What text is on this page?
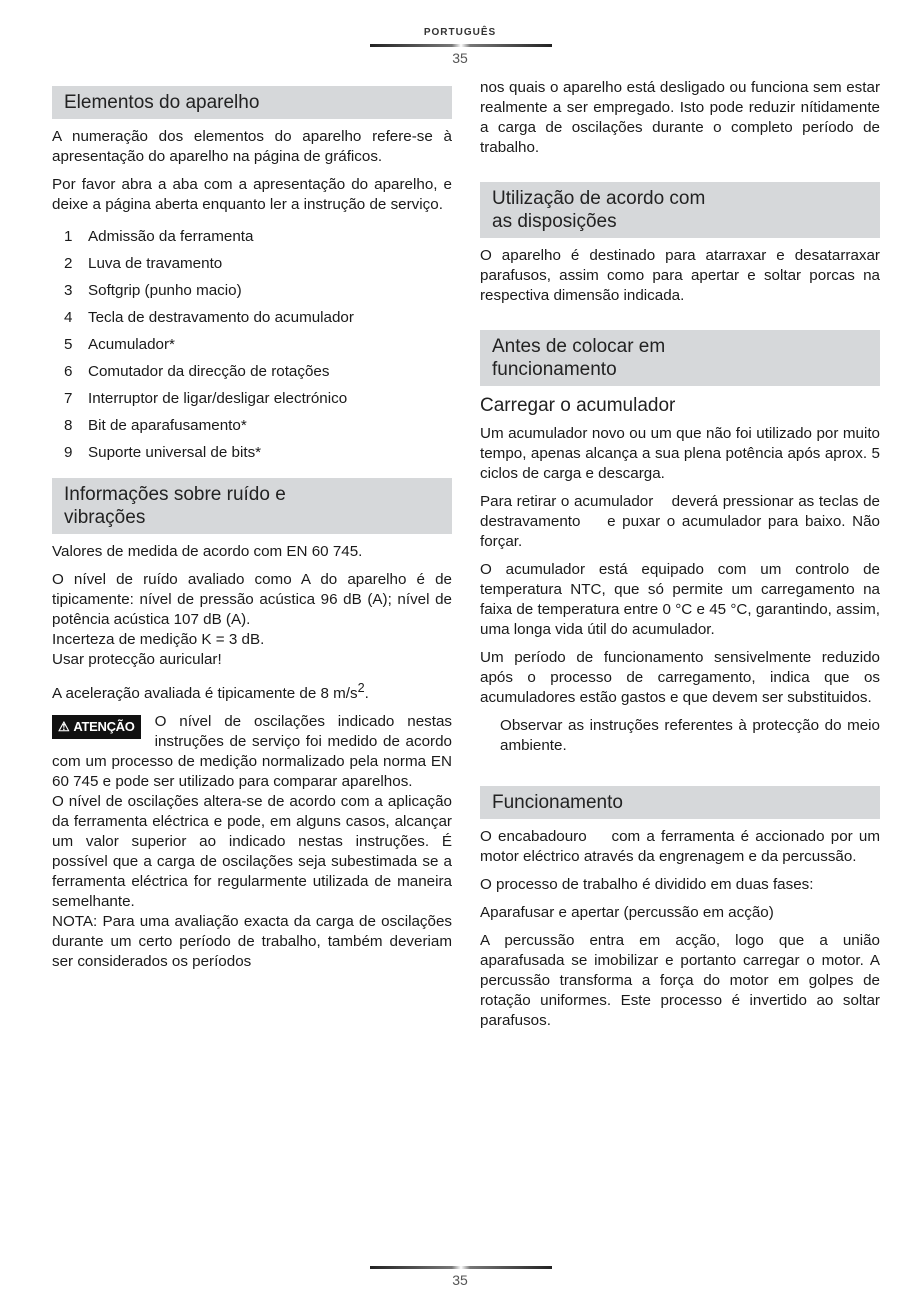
PORTUGUÊS
35
Elementos do aparelho

A numeração dos elementos do aparelho refere-se à apresentação do aparelho na página de gráficos.

Por favor abra a aba com a apresentação do aparelho, e deixe a página aberta enquanto ler a instrução de serviço.

1	Admissão da ferramenta
2	Luva de travamento
3	Softgrip (punho macio)
4	Tecla de destravamento do acumulador
5	Acumulador*
6	Comutador da direcção de rotações
7	Interruptor de ligar/desligar electrónico
8	Bit de aparafusamento*
9	Suporte universal de bits*
Informações sobre ruído e vibrações

Valores de medida de acordo com EN 60 745.

O nível de ruído avaliado como A do aparelho é de tipicamente: nível de pressão acústica 96 dB (A); nível de potência acústica 107 dB (A).

Incerteza de medição K = 3 dB.

Usar protecção auricular!

A aceleração avaliada é tipicamente de 8 $m/s^2$.

⚠ ATENÇÃO	O nível de oscilações indicado nestas instruções de serviço foi medido de acordo com um processo de medição normalizado pela norma EN 60 745 e pode ser utilizado para comparar aparelhos.

O nível de oscilações altera-se de acordo com a aplicação da ferramenta eléctrica e pode, em alguns casos, alcançar um valor superior ao indicado nestas instruções. É possível que a carga de oscilações seja subestimada se a ferramenta eléctrica for regularmente utilizada de maneira semelhante.

NOTA: Para uma avaliação exacta da carga de oscilações durante um certo período de trabalho, também deveriam ser considerados os períodos

nos quais o aparelho está desligado ou funciona sem estar realmente a ser empregado. Isto pode reduzir nítidamente a carga de oscilações durante o completo período de trabalho.

Utilização de acordo com as disposições

O aparelho é destinado para atarraxar e desatarraxar parafusos, assim como para apertar e soltar porcas na respectiva dimensão indicada.

Antes de colocar em funcionamento
Carregar o acumulador

Um acumulador novo ou um que não foi utilizado por muito tempo, apenas alcança a sua plena potência após aprox. 5 ciclos de carga e descarga.

Para retirar o acumulador    deverá pressionar as teclas de destravamento    e puxar o acumulador para baixo. Não forçar.

O acumulador está equipado com um controlo de temperatura NTC, que só permite um carregamento na faixa de temperatura entre 0 °C e 45 °C, garantindo, assim, uma longa vida útil do acumulador.

Um período de funcionamento sensivelmente reduzido após o processo de carregamento, indica que os acumuladores estão gastos e que devem ser substituidos.

Observar as instruções referentes à protecção do meio ambiente.

Funcionamento

O encabadouro    com a ferramenta é accionado por um motor eléctrico através da engrenagem e da percussão.

O processo de trabalho é dividido em duas fases:

Aparafusar e apertar (percussão em acção)

A percussão entra em acção, logo que a união aparafusada se imobilizar e portanto carregar o motor. A percussão transforma a força do motor em golpes de rotação uniformes. Este processo é invertido ao soltar parafusos.

35
